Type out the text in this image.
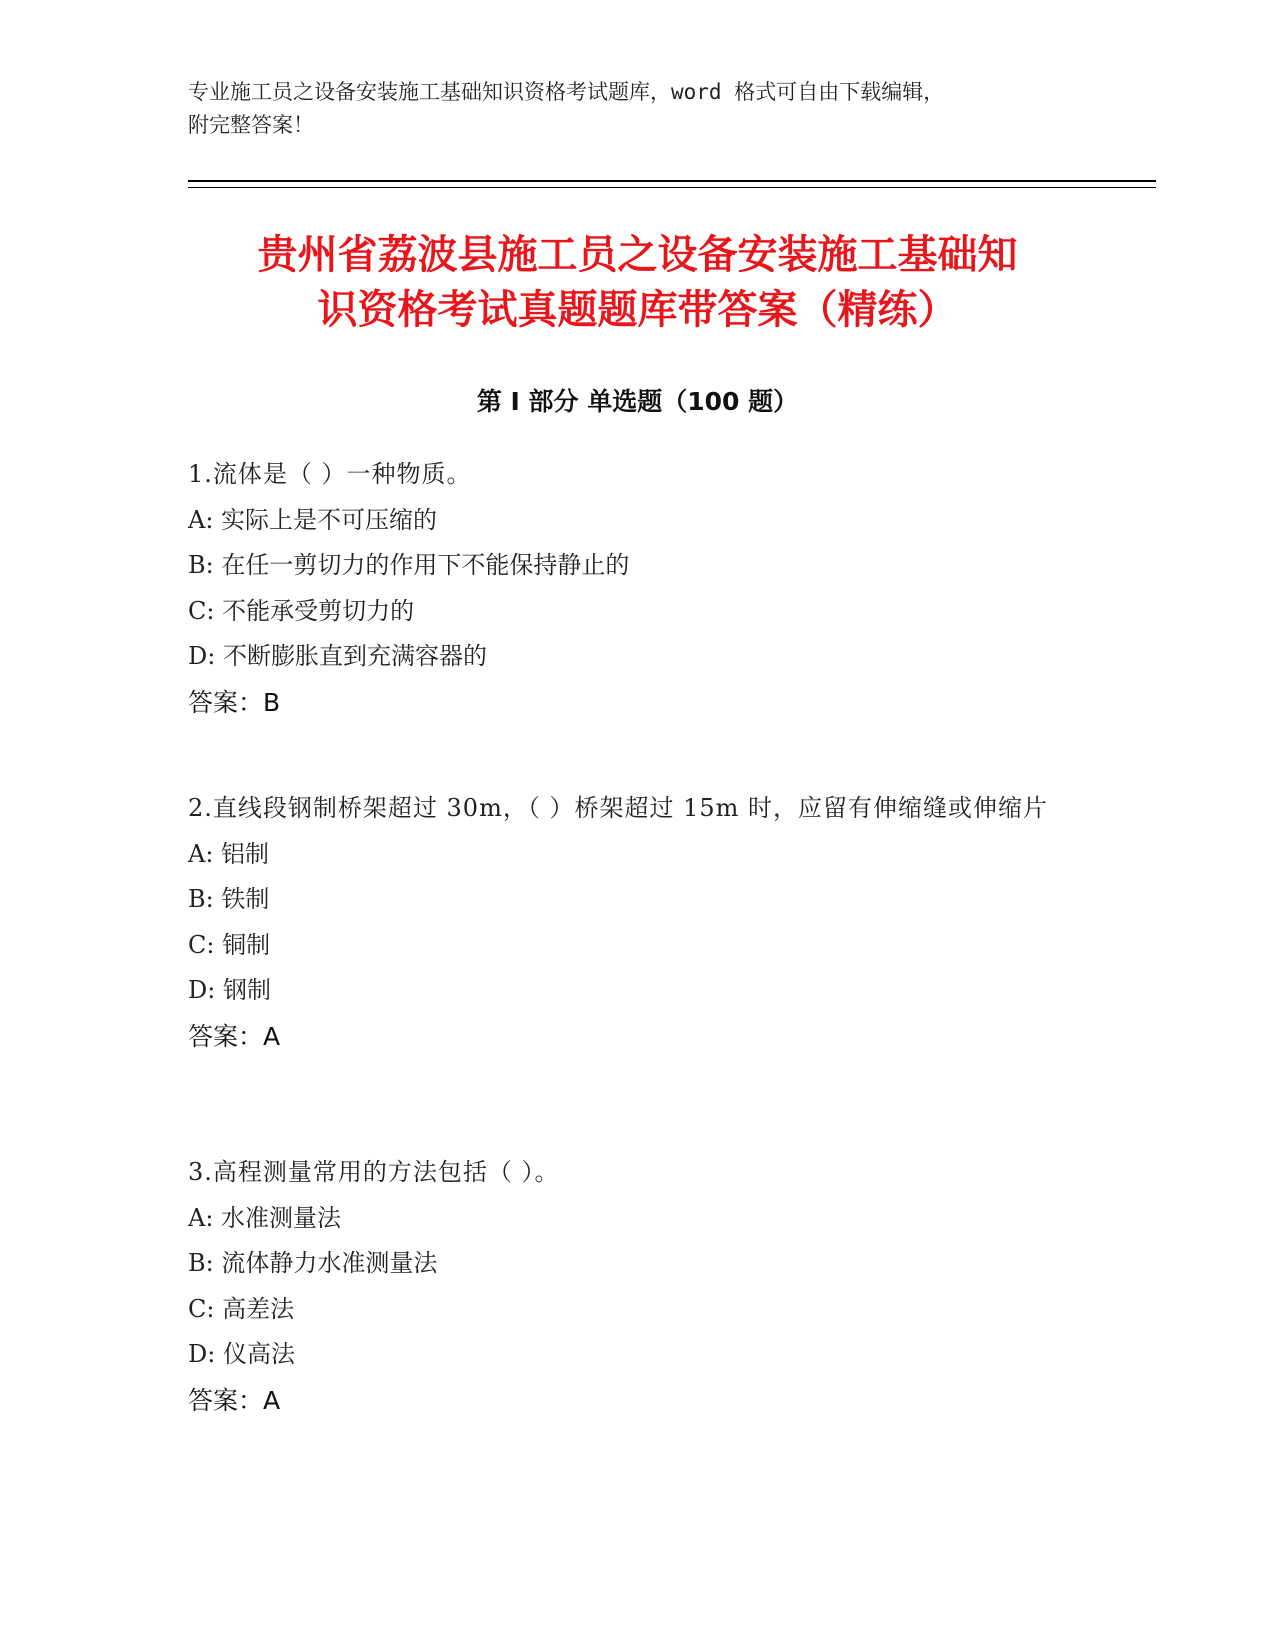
专业施工员之设备安装施工基础知识资格考试题库，word 格式可自由下载编辑，
附完整答案！
贵州省荔波县施工员之设备安装施工基础知
识资格考试真题题库带答案（精练）
第 I 部分 单选题（100 题）
1.流体是（ ）一种物质。
A: 实际上是不可压缩的
B: 在任一剪切力的作用下不能保持静止的
C: 不能承受剪切力的
D: 不断膨胀直到充满容器的
答案：B
2.直线段钢制桥架超过 30m，（ ）桥架超过 15m 时，应留有伸缩缝或伸缩片
A: 铝制
B: 铁制
C: 铜制
D: 钢制
答案：A
3.高程测量常用的方法包括（ ）。
A: 水准测量法
B: 流体静力水准测量法
C: 高差法
D: 仪高法
答案：A
